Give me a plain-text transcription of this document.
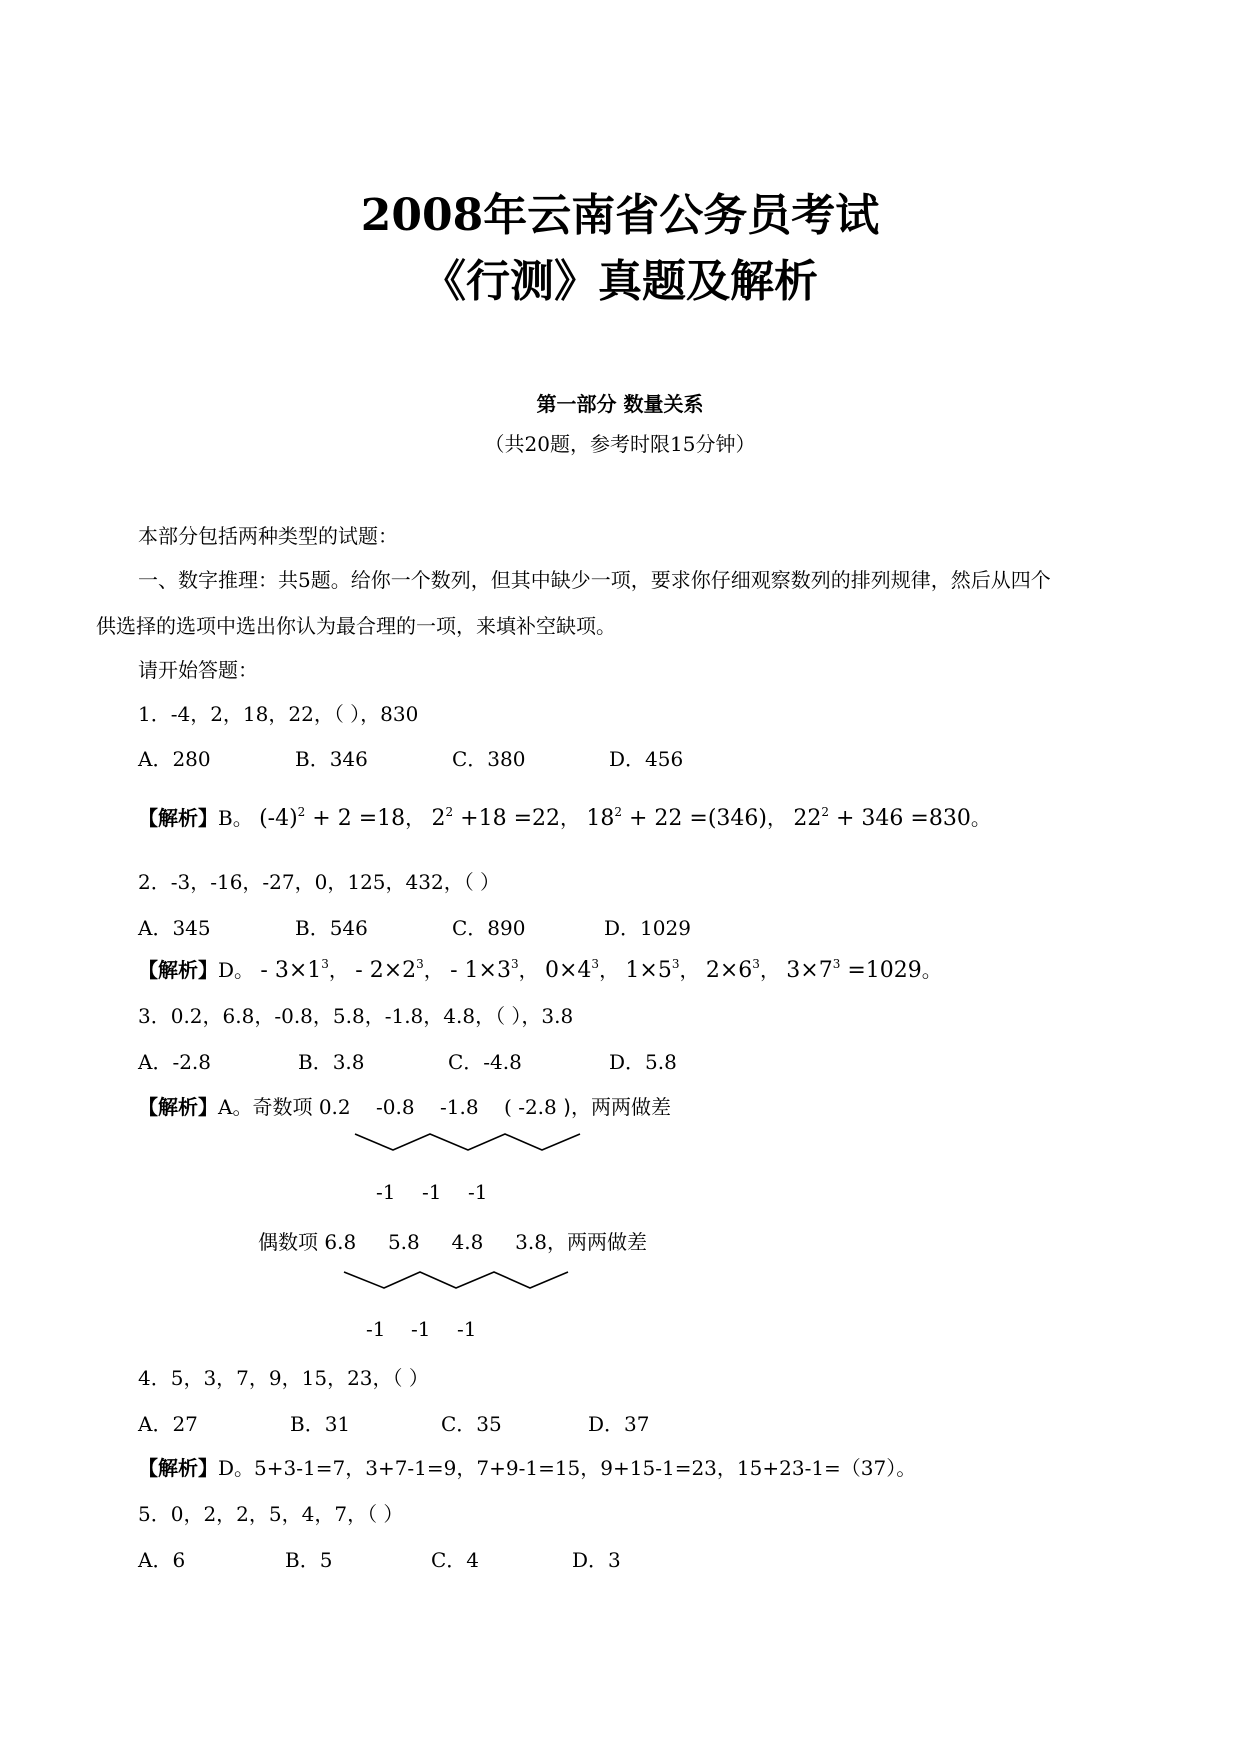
2008年云南省公务员考试
《行测》真题及解析
第一部分 数量关系
（共20题，参考时限15分钟）
本部分包括两种类型的试题：
一、数字推理：共5题。给你一个数列，但其中缺少一项，要求你仔细观察数列的排列规律，然后从四个
供选择的选项中选出你认为最合理的一项，来填补空缺项。
请开始答题：
1．-4，2，18，22，（ ），830
A．280	B．346	C．380	D．456
【解析】B。 $(-4)^2 + 2 =18$， $2^2 +18 =22$， $18^2 + 22 =(346)$， $22^2 + 346 =830$。
2．-3，-16，-27，0，125，432，（ ）
A．345	B．546	C．890	D．1029
【解析】D。 - $3\times 1^3$， - $2\times 2^3$， - $1\times 3^3$， $0\times 4^3$， $1\times 5^3$， $2\times 6^3$， $3\times 7^3 =1029$。
3．0.2，6.8，-0.8，5.8，-1.8，4.8，（ ），3.8
A．-2.8	B．3.8	C．-4.8	D．5.8
【解析】A。奇数项 0.2    -0.8    -1.8    ( -2.8 )，两两做差
-1 -1 -1
偶数项 6.8     5.8     4.8     3.8，两两做差
-1 -1 -1
4．5，3，7，9，15，23，（ ）
A．27	B．31	C．35	D．37
【解析】D。5+3-1=7，3+7-1=9，7+9-1=15，9+15-1=23，15+23-1=（37）。
5．0，2，2，5，4，7，（ ）
A．6	B．5	C．4	D．3
